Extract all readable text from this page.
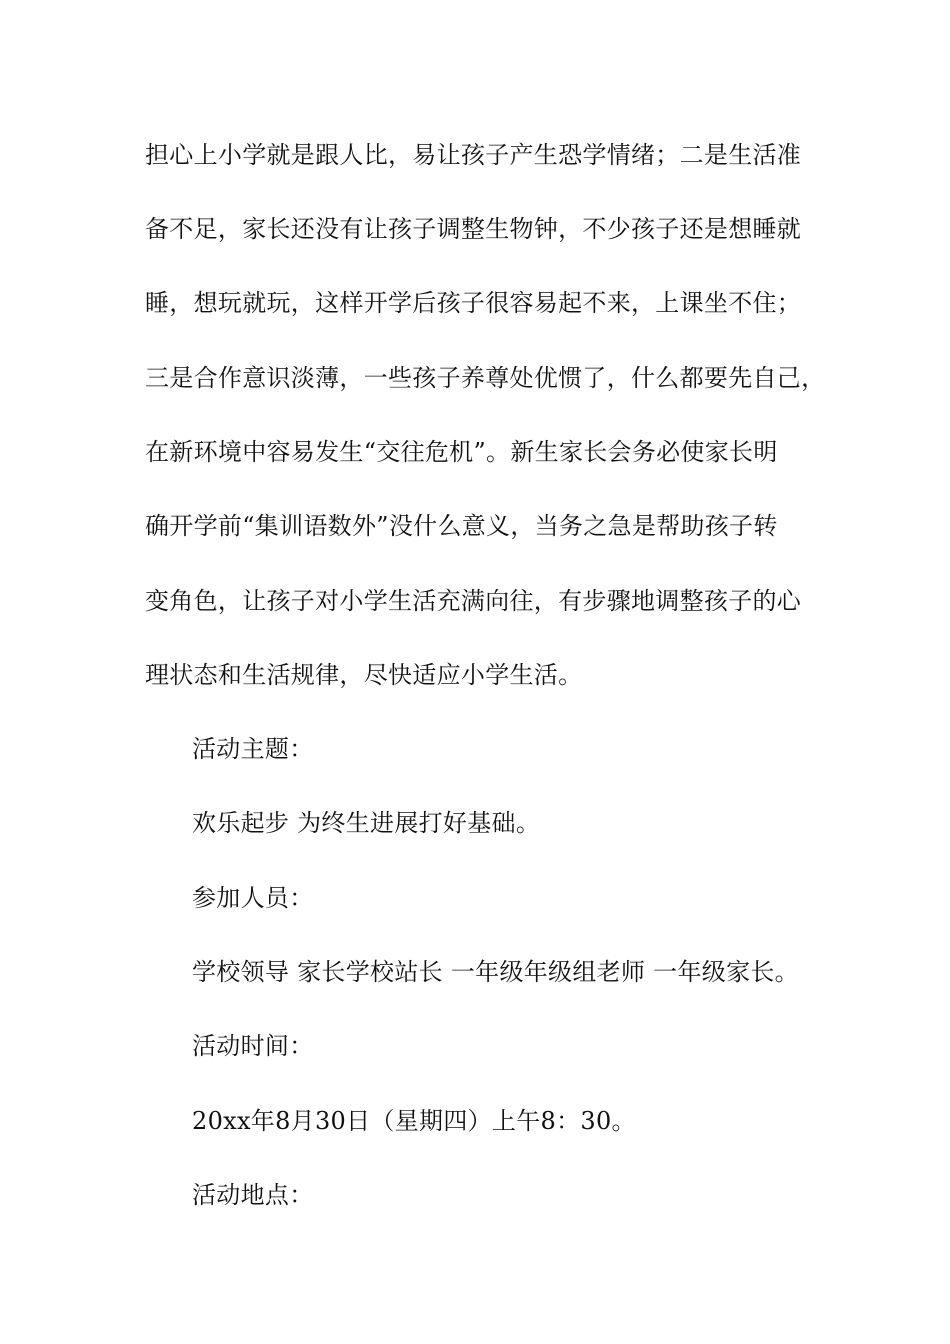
担心上小学就是跟人比，易让孩子产生恐学情绪；二是生活准
备不足，家长还没有让孩子调整生物钟，不少孩子还是想睡就
睡，想玩就玩，这样开学后孩子很容易起不来，上课坐不住；
三是合作意识淡薄，一些孩子养尊处优惯了，什么都要先自己，
在新环境中容易发生“交往危机”。新生家长会务必使家长明
确开学前“集训语数外”没什么意义，当务之急是帮助孩子转
变角色，让孩子对小学生活充满向往，有步骤地调整孩子的心
理状态和生活规律，尽快适应小学生活。
活动主题：
欢乐起步 为终生进展打好基础。
参加人员：
学校领导 家长学校站长 一年级年级组老师 一年级家长。
活动时间：
20xx年8月30日（星期四）上午8：30。
活动地点：
